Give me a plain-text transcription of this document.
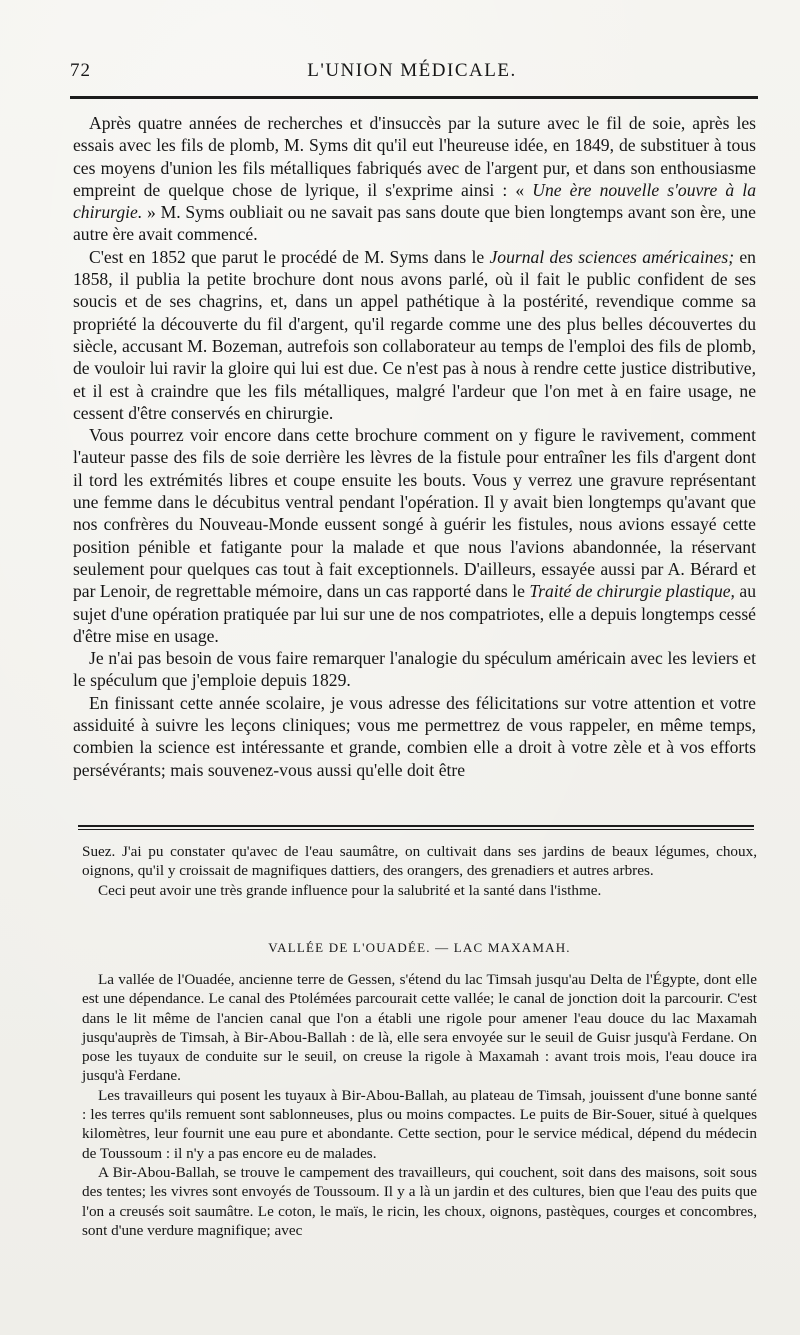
72	L'UNION MÉDICALE.

Après quatre années de recherches et d'insuccès par la suture avec le fil de soie, après les essais avec les fils de plomb, M. Syms dit qu'il eut l'heureuse idée, en 1849, de substituer à tous ces moyens d'union les fils métalliques fabriqués avec de l'argent pur, et dans son enthousiasme empreint de quelque chose de lyrique, il s'exprime ainsi : « Une ère nouvelle s'ouvre à la chirurgie. » M. Syms oubliait ou ne savait pas sans doute que bien longtemps avant son ère, une autre ère avait commencé.

C'est en 1852 que parut le procédé de M. Syms dans le Journal des sciences américaines; en 1858, il publia la petite brochure dont nous avons parlé, où il fait le public confident de ses soucis et de ses chagrins, et, dans un appel pathétique à la postérité, revendique comme sa propriété la découverte du fil d'argent, qu'il regarde comme une des plus belles découvertes du siècle, accusant M. Bozeman, autrefois son collaborateur au temps de l'emploi des fils de plomb, de vouloir lui ravir la gloire qui lui est due. Ce n'est pas à nous à rendre cette justice distributive, et il est à craindre que les fils métalliques, malgré l'ardeur que l'on met à en faire usage, ne cessent d'être conservés en chirurgie.

Vous pourrez voir encore dans cette brochure comment on y figure le ravivement, comment l'auteur passe des fils de soie derrière les lèvres de la fistule pour entraîner les fils d'argent dont il tord les extrémités libres et coupe ensuite les bouts. Vous y verrez une gravure représentant une femme dans le décubitus ventral pendant l'opération. Il y avait bien longtemps qu'avant que nos confrères du Nouveau-Monde eussent songé à guérir les fistules, nous avions essayé cette position pénible et fatigante pour la malade et que nous l'avions abandonnée, la réservant seulement pour quelques cas tout à fait exceptionnels. D'ailleurs, essayée aussi par A. Bérard et par Lenoir, de regrettable mémoire, dans un cas rapporté dans le Traité de chirurgie plastique, au sujet d'une opération pratiquée par lui sur une de nos compatriotes, elle a depuis longtemps cessé d'être mise en usage.

Je n'ai pas besoin de vous faire remarquer l'analogie du spéculum américain avec les leviers et le spéculum que j'emploie depuis 1829.

En finissant cette année scolaire, je vous adresse des félicitations sur votre attention et votre assiduité à suivre les leçons cliniques; vous me permettrez de vous rappeler, en même temps, combien la science est intéressante et grande, combien elle a droit à votre zèle et à vos efforts persévérants; mais souvenez-vous aussi qu'elle doit être

Suez. J'ai pu constater qu'avec de l'eau saumâtre, on cultivait dans ses jardins de beaux légumes, choux, oignons, qu'il y croissait de magnifiques dattiers, des orangers, des grenadiers et autres arbres.

Ceci peut avoir une très grande influence pour la salubrité et la santé dans l'isthme.

VALLÉE DE L'OUADÉE. — LAC MAXAMAH.

La vallée de l'Ouadée, ancienne terre de Gessen, s'étend du lac Timsah jusqu'au Delta de l'Égypte, dont elle est une dépendance. Le canal des Ptolémées parcourait cette vallée; le canal de jonction doit la parcourir. C'est dans le lit même de l'ancien canal que l'on a établi une rigole pour amener l'eau douce du lac Maxamah jusqu'auprès de Timsah, à Bir-Abou-Ballah : de là, elle sera envoyée sur le seuil de Guisr jusqu'à Ferdane. On pose les tuyaux de conduite sur le seuil, on creuse la rigole à Maxamah : avant trois mois, l'eau douce ira jusqu'à Ferdane.

Les travailleurs qui posent les tuyaux à Bir-Abou-Ballah, au plateau de Timsah, jouissent d'une bonne santé : les terres qu'ils remuent sont sablonneuses, plus ou moins compactes. Le puits de Bir-Souer, situé à quelques kilomètres, leur fournit une eau pure et abondante. Cette section, pour le service médical, dépend du médecin de Toussoum : il n'y a pas encore eu de malades.

A Bir-Abou-Ballah, se trouve le campement des travailleurs, qui couchent, soit dans des maisons, soit sous des tentes; les vivres sont envoyés de Toussoum. Il y a là un jardin et des cultures, bien que l'eau des puits que l'on a creusés soit saumâtre. Le coton, le maïs, le ricin, les choux, oignons, pastèques, courges et concombres, sont d'une verdure magnifique; avec
